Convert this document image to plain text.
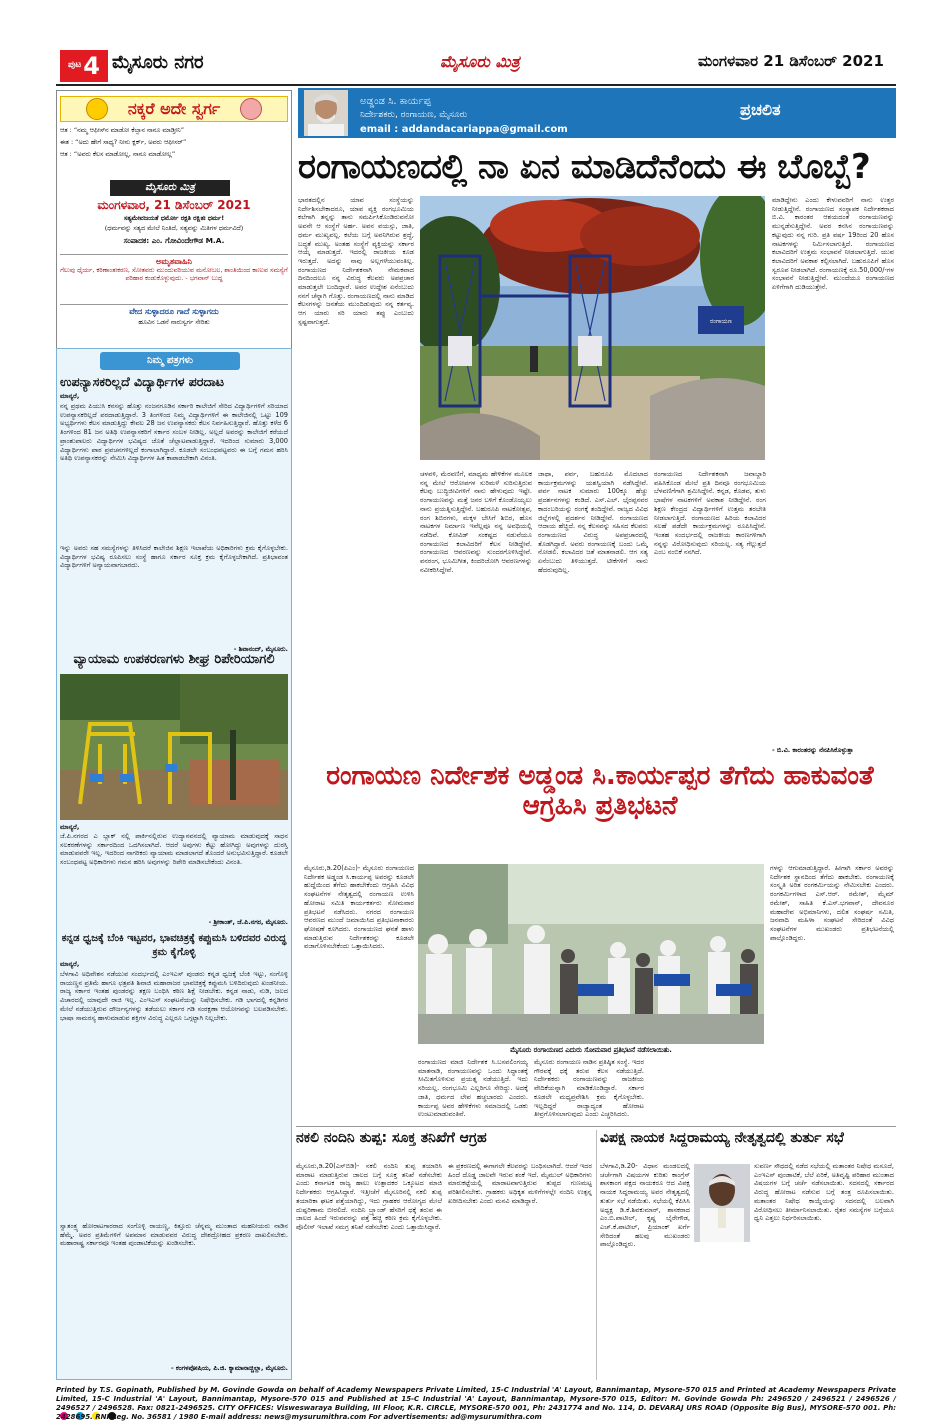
ಪುಟ 4 ಮೈಸೂರು ನಗರ	ಮೈಸೂರು ಮಿತ್ರ	ಮಂಗಳವಾರ 21 ಡಿಸೆಂಬರ್ 2021
ನಕ್ಕರೆ ಅದೇ ಸ್ವರ್ಗ
ಆತ : “ನಮ್ಮ ಆಫೀಸ್‍ನ ಮಾಡೋ ಕೆಲ್ಸಾನ ನಾನೂ ಮಾಡ್ತೀನಿ”
ಈತ : “ಅದು ಹೇಗೆ ಸಾಧ್ಯ? ನೀನು ಕ್ಲರ್ಕ್, ಅವರು ಆಫೀಸರ್”
ಆತ : “ಅವರು ಕೆಲಸ ಮಾಡೋಲ್ಲ, ನಾನೂ ಮಾಡೋಲ್ಲ”
ಮೈಸೂರು ಮಿತ್ರ
ಮಂಗಳವಾರ, 21 ಡಿಸೆಂಬರ್ 2021
ಸತ್ಯಮೇವಜಯತೆ ಧರ್ಮೋ ರಕ್ಷತಿ ರಕ್ಷಿತಃ ಧರ್ಮ!
(ಧರ್ಮವನ್ನು ಸತ್ಯದ ಮೇಲೆ ನಿಂತಿದೆ, ಸತ್ಯವನ್ನು ಮಿತಿಗಳ ಧರ್ಮವಿದೆ)
ಸಂಪಾದಕ: ಎಂ. ಗೋವಿಂದೇಗೌಡ M.A.
ಅಮೃತವಾಹಿನಿ
ಗೆಲುವು ಧೈರ್ಯ, ಕಠಿಣಾಂತಃಕರಣ, ಸೋತವರು ಮುಂದುವರಿಯುವ ಮನೋಬಲ, ಶಾಂತಿಯಿಂದ ಕಾಣುವ ಸಮಸ್ಯೆಗೆ ಪರಿಹಾರ ಕಂಡುಕೊಳ್ಳುವುದು. - ಭಗವಾನ್ ಬುದ್ಧ
ವೇದ ಸುಳ್ಳಾದರೂ ಗಾದೆ ಸುಳ್ಳಾಗದು
ಹೂವಿನ ಒಡನೆ ನಾರುಸ್ವರ್ಗ ಸೇರಿತು
ನಿಮ್ಮ ಪತ್ರಗಳು
ಉಪನ್ಯಾಸಕರಿಲ್ಲದೆ ವಿದ್ಯಾರ್ಥಿಗಳ ಪರದಾಟ
ಮಾನ್ಯರೆ,
ನನ್ನ ಪ್ರಥಮ ಪಿಯುಸಿ ಕನಸನ್ನು ಹೊತ್ತು ನಂಜನಗೂಡಿನ ಸರ್ಕಾರಿ ಕಾಲೇಜಿಗೆ ಸೇರಿದ ವಿದ್ಯಾರ್ಥಿಗಳಿಗೆ ಸರಿಯಾದ ಉಪನ್ಯಾಸಕರಿಲ್ಲದೆ ಪರದಾಡುತ್ತಿದ್ದಾರೆ. 3 ತಿಂಗಳಿಂದ ನಿಮ್ಮ ವಿದ್ಯಾರ್ಥಿಗಳಿಗೆ ಈ ಕಾಲೇಜಿನಲ್ಲಿ ಒಟ್ಟು 109 ಅಭ್ಯರ್ಥಿಗಳು ಕೆಲಸ ಮಾಡುತ್ತಿದ್ದು ಕೇವಲ 28 ಜನ ಉಪನ್ಯಾಸಕರು ಕೆಲಸ ನಿರ್ವಹಿಸುತ್ತಿದ್ದಾರೆ. ಹೊತ್ತು ಕಳೆದ 6 ತಿಂಗಳಿಂದ 81 ಜನ ಅತಿಥಿ ಉಪನ್ಯಾಸಕರಿಗೆ ಸರ್ಕಾರ ಸಂಬಳ ನೀಡಿಲ್ಲ. ಅಲ್ಲದೆ ಅವರನ್ನು ಕಾಲೇಜಿಗೆ ಕರೆಯದೆ ಪ್ರಾಂಶುಪಾಲರು ವಿದ್ಯಾರ್ಥಿಗಳ ಭವಿಷ್ಯದ ಜೊತೆ ಚೆಲ್ಲಾಟವಾಡುತ್ತಿದ್ದಾರೆ. ಇದರಿಂದ ಸುಮಾರು 3,000 ವಿದ್ಯಾರ್ಥಿಗಳು ಪಾಠ ಪ್ರವಚನಗಳಿಲ್ಲದೆ ಕಂಗಾಲಾಗಿದ್ದಾರೆ. ಕೂಡಲೇ ಸಂಬಂಧಪಟ್ಟವರು ಈ ಬಗ್ಗೆ ಗಮನ ಹರಿಸಿ ಅತಿಥಿ ಉಪನ್ಯಾಸಕರನ್ನು ನೇಮಿಸಿ ವಿದ್ಯಾರ್ಥಿಗಳ ಹಿತ ಕಾಪಾಡಬೇಕಾಗಿ ವಿನಂತಿ.
ಇನ್ನು ಅವರು ಸಹ ಸಮಸ್ಯೆಗಳನ್ನು ತಿಳಿಸಿದರೆ ಕಾಲೇಜಿನ ಶಿಕ್ಷಣ ಇಲಾಖೆಯ ಅಧಿಕಾರಿಗಳು ಕ್ರಮ ಕೈಗೊಳ್ಳಬೇಕು. ವಿದ್ಯಾರ್ಥಿಗಳ ಭವಿಷ್ಯ ರೂಪಿಸಲು ಸಂಸ್ಥೆ ಹಾಗೂ ಸರ್ಕಾರ ಸೂಕ್ತ ಕ್ರಮ ಕೈಗೊಳ್ಳಬೇಕಾಗಿದೆ. ಪ್ರತಿಭಾವಂತ ವಿದ್ಯಾರ್ಥಿಗಳಿಗೆ ಅನ್ಯಾಯವಾಗಬಾರದು.
- ಶಿವಾನಂದ್, ಮೈಸೂರು.
ವ್ಯಾಯಾಮ ಉಪಕರಣಗಳು ಶೀಘ್ರ ರಿಪೇರಿಯಾಗಲಿ
ಮಾನ್ಯರೆ,
ಜೆ.ಪಿ.ನಗರದ ಎ ಬ್ಲಾಕ್ ನಲ್ಲಿ ಪಾರ್ಕಿನಲ್ಲಿರುವ ಉದ್ಯಾನವನದಲ್ಲಿ ವ್ಯಾಯಾಮ ಮಾಡುವುದಕ್ಕೆ ಸಾಧನ ಸಲಕರಣೆಗಳನ್ನು ಸರ್ಕಾರದಿಂದ ಒದಗಿಸಲಾಗಿದೆ. ಆದರೆ ಅವುಗಳು ಕೆಟ್ಟು ಹೋಗಿದ್ದು ಅವುಗಳನ್ನು ದುರಸ್ತಿ ಮಾಡುವವರೇ ಇಲ್ಲ. ಇದರಿಂದ ನಾಗರಿಕರು ವ್ಯಾಯಾಮ ಮಾಡಲಾಗದೆ ತೊಂದರೆ ಅನುಭವಿಸುತ್ತಿದ್ದಾರೆ. ಕೂಡಲೇ ಸಂಬಂಧಪಟ್ಟ ಅಧಿಕಾರಿಗಳು ಗಮನ ಹರಿಸಿ ಅವುಗಳನ್ನು ರಿಪೇರಿ ಮಾಡಿಸಬೇಕೆಂದು ವಿನಂತಿ.
- ಶ್ರೀಕಾಂತ್, ಜೆ.ಪಿ.ನಗರ, ಮೈಸೂರು.
ಕನ್ನಡ ಧ್ವಜಕ್ಕೆ ಬೆಂಕಿ ಇಟ್ಟವರ, ಭಾವಚಿತ್ರಕ್ಕೆ ಕಪ್ಪುಮಸಿ ಬಳಿದವರ ವಿರುದ್ಧ ಕ್ರಮ ಕೈಗೊಳ್ಳಿ
ಮಾನ್ಯರೆ,
ಬೆಳಗಾವಿ ಅಧಿವೇಶನ ನಡೆಯುವ ಸಂದರ್ಭದಲ್ಲಿ ಎಂಇಎಸ್ ಪುಂಡರು ಕನ್ನಡ ಧ್ವಜಕ್ಕೆ ಬೆಂಕಿ ಇಟ್ಟು, ಸಂಗೊಳ್ಳಿ ರಾಯಣ್ಣನ ಪ್ರತಿಮೆ ಹಾಗೂ ಛತ್ರಪತಿ ಶಿವಾಜಿ ಮಹಾರಾಜರ ಭಾವಚಿತ್ರಕ್ಕೆ ಕಪ್ಪುಮಸಿ ಬಳಿದಿರುವುದು ಖಂಡನೀಯ. ರಾಜ್ಯ ಸರ್ಕಾರ ಇಂತಹ ಪುಂಡರನ್ನು ತಕ್ಷಣ ಬಂಧಿಸಿ ಕಠಿಣ ಶಿಕ್ಷೆ ನೀಡಬೇಕು. ಕನ್ನಡ ನಾಡು, ನುಡಿ, ಜಲದ ವಿಚಾರದಲ್ಲಿ ಯಾವುದೇ ರಾಜಿ ಇಲ್ಲ. ಎಂಇಎಸ್ ಸಂಘಟನೆಯನ್ನು ನಿಷೇಧಿಸಬೇಕು. ಗಡಿ ಭಾಗದಲ್ಲಿ ಕನ್ನಡಿಗರ ಮೇಲೆ ನಡೆಯುತ್ತಿರುವ ದೌರ್ಜನ್ಯಗಳನ್ನು ತಡೆಯಲು ಸರ್ಕಾರ ಗಡಿ ಸಂರಕ್ಷಣಾ ಆಯೋಗವನ್ನು ಬಲಪಡಿಸಬೇಕು. ಭಾಷಾ ಸಾಮರಸ್ಯ ಹಾಳುಮಾಡುವ ಶಕ್ತಿಗಳ ವಿರುದ್ಧ ಎಲ್ಲರೂ ಒಗ್ಗಟ್ಟಾಗಿ ನಿಲ್ಲಬೇಕು.
ಸ್ವಾತಂತ್ರ್ಯ ಹೋರಾಟಗಾರರಾದ ಸಂಗೊಳ್ಳಿ ರಾಯಣ್ಣ, ಕಿತ್ತೂರು ಚೆನ್ನಮ್ಮ ಮುಂತಾದ ಮಹನೀಯರು ನಾಡಿನ ಹೆಮ್ಮೆ. ಅವರ ಪ್ರತಿಮೆಗಳಿಗೆ ಅಪಮಾನ ಮಾಡುವವರ ವಿರುದ್ಧ ದೇಶದ್ರೋಹದ ಪ್ರಕರಣ ದಾಖಲಿಸಬೇಕು. ಮಹಾರಾಷ್ಟ್ರ ಸರ್ಕಾರವೂ ಇಂತಹ ಪುಂಡಾಟಿಕೆಯನ್ನು ಖಂಡಿಸಬೇಕು.
- ಕಂಗಳಪೋಷಿಯ, ಪಿ.ಜಿ. ಕ್ಯಾಮಾನಾಚ್ಚಿಲ್ಲಾ, ಮೈಸೂರು.
ಅಡ್ಡಂಡ ಸಿ. ಕಾರ್ಯಪ್ಪ
ನಿರ್ದೇಶಕರು, ರಂಗಾಯಣ, ಮೈಸೂರು
email : addandacariappa@gmail.com
ಪ್ರಚಲಿತ
ರಂಗಾಯಣದಲ್ಲಿ ನಾ ಏನ ಮಾಡಿದೆನೆಂದು ಈ ಬೊಬ್ಬೆ?
ಭಾರತದಲ್ಲಿನ ಯಾವ ಸಂಸ್ಥೆಯನ್ನು ನಿರ್ದೇಶಿಸಬೇಕಾದರೂ, ಯಾವ ವ್ಯಕ್ತಿ ರಂಗಭೂಮಿಯ ಕಲೆಗಾಗಿ ತನ್ನನ್ನು ತಾನು ಸಮರ್ಪಿಸಿಕೊಂಡಿರುವನೋ ಅವನೇ ಆ ಸಂಸ್ಥೆಗೆ ಅರ್ಹ. ಅವನ ವಯಸ್ಸು, ಜಾತಿ, ಧರ್ಮ ಮುಖ್ಯವಲ್ಲ. ಕಲೆಯ ಬಗ್ಗೆ ಅವನಿಗಿರುವ ಶ್ರದ್ಧೆ, ಬದ್ಧತೆ ಮುಖ್ಯ. ಅಂತಹ ಸಂಸ್ಥೆಗೆ ವ್ಯಕ್ತಿಯನ್ನು ಸರ್ಕಾರ ಆಯ್ಕೆ ಮಾಡುತ್ತದೆ. ಇದರಲ್ಲಿ ರಾಜಕೀಯ ಕೂಡ ಇರುತ್ತದೆ. ಅದನ್ನು ನಾವು ಅಲ್ಲಗಳೆಯುವಂತಿಲ್ಲ. ರಂಗಾಯಣದ ನಿರ್ದೇಶಕನಾಗಿ ನೇಮಕವಾದ ದಿನದಿಂದಲೂ ನನ್ನ ವಿರುದ್ಧ ಕೆಲವರು ಅಪಪ್ರಚಾರ ಮಾಡುತ್ತಲೇ ಬಂದಿದ್ದಾರೆ. ಅವರ ಉದ್ದೇಶ ಏನೆಂಬುದು ನನಗೆ ಚೆನ್ನಾಗಿ ಗೊತ್ತು. ರಂಗಾಯಣದಲ್ಲಿ ನಾನು ಮಾಡಿದ ಕೆಲಸಗಳನ್ನು ಜನತೆಯ ಮುಂದಿಡುವುದು ನನ್ನ ಕರ್ತವ್ಯ. ಆಗ ಯಾರು ಸರಿ ಯಾರು ತಪ್ಪು ಎಂಬುದು ಸ್ಪಷ್ಟವಾಗುತ್ತದೆ.
ಚಳವಳಿ, ಮೆರವಣಿಗೆ, ಮಾಧ್ಯಮ ಹೇಳಿಕೆಗಳ ಮೂಲಕ ನನ್ನ ಮೇಲೆ ಆರೋಪಗಳ ಸುರಿಮಳೆ ಸುರಿಸುತ್ತಿರುವ ಕೆಲವು ಬುದ್ಧಿಜೀವಿಗಳಿಗೆ ನಾನು ಹೇಳುವುದು ಇಷ್ಟೇ. ರಂಗಾಯಣವನ್ನು ಮತ್ತೆ ಜನರ ಬಳಿಗೆ ಕೊಂಡೊಯ್ಯಲು ನಾನು ಪ್ರಯತ್ನಿಸುತ್ತಿದ್ದೇನೆ. ಬಹುರೂಪಿ ನಾಟಕೋತ್ಸವ, ರಂಗ ಶಿಬಿರಗಳು, ಮಕ್ಕಳ ಬೇಸಿಗೆ ಶಿಬಿರ, ಹೊಸ ನಾಟಕಗಳ ನಿರ್ಮಾಣ ಇವೆಲ್ಲವೂ ನನ್ನ ಅವಧಿಯಲ್ಲಿ ನಡೆದಿವೆ. ಕೋವಿಡ್ ಸಂಕಷ್ಟದ ನಡುವೆಯೂ ರಂಗಾಯಣದ ಕಲಾವಿದರಿಗೆ ಕೆಲಸ ನೀಡಿದ್ದೇವೆ. ರಂಗಾಯಣದ ಆವರಣವನ್ನು ಸುಂದರಗೊಳಿಸಿದ್ದೇವೆ. ವನರಂಗ, ಭೂಮಿಗೀತ, ಕಿಂದರಿಜೋಗಿ ಆವರಣಗಳನ್ನು ನವೀಕರಿಸಿದ್ದೇವೆ.
ಜಾಥಾ, ಪರ್ವ, ಬಹುರೂಪಿ ಮೊದಲಾದ ಕಾರ್ಯಕ್ರಮಗಳನ್ನು ಯಶಸ್ವಿಯಾಗಿ ನಡೆಸಿದ್ದೇವೆ. ಪರ್ವ ನಾಟಕ ಸುಮಾರು 100ಕ್ಕೂ ಹೆಚ್ಚು ಪ್ರದರ್ಶನಗಳನ್ನು ಕಂಡಿದೆ. ಎಸ್.ಎಲ್. ಭೈರಪ್ಪನವರ ಕಾದಂಬರಿಯನ್ನು ರಂಗಕ್ಕೆ ತಂದಿದ್ದೇವೆ. ರಾಜ್ಯದ ವಿವಿಧ ಜಿಲ್ಲೆಗಳಲ್ಲಿ ಪ್ರದರ್ಶನ ನೀಡಿದ್ದೇವೆ. ರಂಗಾಯಣದ ಆದಾಯ ಹೆಚ್ಚಿದೆ. ನನ್ನ ಕೆಲಸವನ್ನು ಸಹಿಸದ ಕೆಲವರು ರಂಗಾಯಣದ ವಿರುದ್ಧ ಅಪಪ್ರಚಾರದಲ್ಲಿ ತೊಡಗಿದ್ದಾರೆ. ಅವರು ರಂಗಾಯಣಕ್ಕೆ ಬಂದು ಒಮ್ಮೆ ನೋಡಲಿ. ಕಲಾವಿದರ ಜತೆ ಮಾತನಾಡಲಿ. ಆಗ ಸತ್ಯ ಏನೆಂಬುದು ತಿಳಿಯುತ್ತದೆ. ಟೀಕೆಗಳಿಗೆ ನಾನು ಹೆದರುವುದಿಲ್ಲ.
ರಂಗಾಯಣದ ನಿರ್ದೇಶಕನಾಗಿ ಜವಾಬ್ದಾರಿ ವಹಿಸಿಕೊಂಡ ಮೇಲೆ ಪ್ರತಿ ದಿನವೂ ರಂಗಭೂಮಿಯ ಬೆಳವಣಿಗೆಗಾಗಿ ಶ್ರಮಿಸಿದ್ದೇನೆ. ಕನ್ನಡ, ಕೊಡವ, ತುಳು ಭಾಷೆಗಳ ನಾಟಕಗಳಿಗೆ ಅವಕಾಶ ನೀಡಿದ್ದೇನೆ. ರಂಗ ಶಿಕ್ಷಣ ಕೇಂದ್ರದ ವಿದ್ಯಾರ್ಥಿಗಳಿಗೆ ಉತ್ತಮ ತರಬೇತಿ ನೀಡಲಾಗುತ್ತಿದೆ. ರಂಗಾಯಣದ ಹಿರಿಯ ಕಲಾವಿದರ ಸಲಹೆ ಪಡೆದೇ ಕಾರ್ಯಕ್ರಮಗಳನ್ನು ರೂಪಿಸಿದ್ದೇನೆ. ಇಂತಹ ಸಂದರ್ಭದಲ್ಲಿ ರಾಜಕೀಯ ಕಾರಣಗಳಿಗಾಗಿ ನನ್ನನ್ನು ವಿರೋಧಿಸುವುದು ಸರಿಯಲ್ಲ. ಸತ್ಯ ಗೆಲ್ಲುತ್ತದೆ ಎಂಬ ನಂಬಿಕೆ ನನಗಿದೆ.
ಮಾಡಿದ್ದೇನು ಎಂದು ಕೇಳುವವರಿಗೆ ನಾನು ಉತ್ತರ ನೀಡುತ್ತಿದ್ದೇನೆ. ರಂಗಾಯಣದ ಸಂಸ್ಥಾಪಕ ನಿರ್ದೇಶಕರಾದ ಬಿ.ವಿ. ಕಾರಂತರ ಆಶಯದಂತೆ ರಂಗಾಯಣವನ್ನು ಮುನ್ನಡೆಸುತ್ತಿದ್ದೇನೆ. ಅವರ ಕನಸಿನ ರಂಗಾಯಣವನ್ನು ಕಟ್ಟುವುದು ನನ್ನ ಗುರಿ. ಪ್ರತಿ ವರ್ಷ 19ರಿಂದ 20 ಹೊಸ ನಾಟಕಗಳನ್ನು ನಿರ್ಮಿಸಲಾಗುತ್ತಿದೆ. ರಂಗಾಯಣದ ಕಲಾವಿದರಿಗೆ ಉತ್ತಮ ಸಂಭಾವನೆ ನೀಡಲಾಗುತ್ತಿದೆ. ಯುವ ಕಲಾವಿದರಿಗೆ ಅವಕಾಶ ಕಲ್ಪಿಸಲಾಗಿದೆ. ಬಹುರೂಪಿಗೆ ಹೊಸ ಸ್ವರೂಪ ನೀಡಲಾಗಿದೆ. ರಂಗಾಯಣಕ್ಕೆ ರೂ.50,000/-ಗಳ ಸಂಭಾವನೆ ನೀಡುತ್ತಿದ್ದೇವೆ. ಮುಂದೆಯೂ ರಂಗಾಯಣದ ಏಳಿಗೆಗಾಗಿ ದುಡಿಯುತ್ತೇನೆ.
- ಬಿ.ವಿ. ಕಾರಂತರನ್ನು ನೆನಪಿಸಿಕೊಳ್ಳುತ್ತಾ
ರಂಗಾಯಣ
ರಂಗಾಯಣ ನಿರ್ದೇಶಕ ಅಡ್ಡಂಡ ಸಿ.ಕಾರ್ಯಪ್ಪರ ತೆಗೆದು ಹಾಕುವಂತೆ ಆಗ್ರಹಿಸಿ ಪ್ರತಿಭಟನೆ
ಮೈಸೂರು,ಡಿ.20(ಪಿಎಂ)- ಮೈಸೂರು ರಂಗಾಯಣದ ನಿರ್ದೇಶಕ ಅಡ್ಡಂಡ ಸಿ.ಕಾರ್ಯಪ್ಪ ಅವರನ್ನು ಕೂಡಲೇ ಹುದ್ದೆಯಿಂದ ತೆಗೆದು ಹಾಕಬೇಕೆಂದು ಆಗ್ರಹಿಸಿ ವಿವಿಧ ಸಂಘಟನೆಗಳ ನೇತೃತ್ವದಲ್ಲಿ ರಂಗಾಯಣ ಉಳಿಸಿ ಹೋರಾಟ ಸಮಿತಿ ಕಾರ್ಯಕರ್ತರು ಸೋಮವಾರ ಪ್ರತಿಭಟನೆ ನಡೆಸಿದರು. ನಗರದ ರಂಗಾಯಣ ಆವರಣದ ಮುಂದೆ ಜಮಾಯಿಸಿದ ಪ್ರತಿಭಟನಾಕಾರರು ಘೋಷಣೆ ಕೂಗಿದರು. ರಂಗಾಯಣದ ಘನತೆ ಹಾಳು ಮಾಡುತ್ತಿರುವ ನಿರ್ದೇಶಕರನ್ನು ಕೂಡಲೇ ವಜಾಗೊಳಿಸಬೇಕೆಂದು ಒತ್ತಾಯಿಸಿದರು.
ಮೈಸೂರು ರಂಗಾಯಣದ ಎದುರು ಸೋಮವಾರ ಪ್ರತಿಭಟನೆ ನಡೆಸಲಾಯಿತು.
ರಂಗಾಯಣದ ಮಾಜಿ ನಿರ್ದೇಶಕ ಸಿ.ಬಸವಲಿಂಗಯ್ಯ ಮಾತನಾಡಿ, ರಂಗಾಯಣವನ್ನು ಒಂದು ಸಿದ್ಧಾಂತಕ್ಕೆ ಸೀಮಿತಗೊಳಿಸುವ ಪ್ರಯತ್ನ ನಡೆಯುತ್ತಿದೆ. ಇದು ಸರಿಯಲ್ಲ. ರಂಗಭೂಮಿ ಎಲ್ಲರಿಗೂ ಸೇರಿದ್ದು. ಅದಕ್ಕೆ ಜಾತಿ, ಧರ್ಮದ ಲೇಪ ಹಚ್ಚಬಾರದು ಎಂದರು. ಕಾರ್ಯಪ್ಪ ಅವರ ಹೇಳಿಕೆಗಳು ಸಮಾಜದಲ್ಲಿ ಒಡಕು ಉಂಟುಮಾಡುವಂತಿವೆ.
ಮೈಸೂರು ರಂಗಾಯಣ ನಾಡಿನ ಪ್ರತಿಷ್ಠಿತ ಸಂಸ್ಥೆ. ಇದರ ಗೌರವಕ್ಕೆ ಧಕ್ಕೆ ತರುವ ಕೆಲಸ ನಡೆಯುತ್ತಿದೆ. ನಿರ್ದೇಶಕರು ರಂಗಾಯಣವನ್ನು ರಾಜಕೀಯ ವೇದಿಕೆಯನ್ನಾಗಿ ಮಾಡಿಕೊಂಡಿದ್ದಾರೆ. ಸರ್ಕಾರ ಕೂಡಲೇ ಮಧ್ಯಪ್ರವೇಶಿಸಿ ಕ್ರಮ ಕೈಗೊಳ್ಳಬೇಕು. ಇಲ್ಲದಿದ್ದರೆ ರಾಜ್ಯಾದ್ಯಂತ ಹೋರಾಟ ತೀವ್ರಗೊಳಿಸಲಾಗುವುದು ಎಂದು ಎಚ್ಚರಿಸಿದರು.
ಗಳನ್ನು ಆಗುಮಾಡುತ್ತಿದ್ದಾರೆ. ಹೀಗಾಗಿ ಸರ್ಕಾರ ಅವರನ್ನು ನಿರ್ದೇಶಕ ಸ್ಥಾನದಿಂದ ತೆಗೆದು ಹಾಕಬೇಕು. ರಂಗಾಯಣಕ್ಕೆ ಸಂಸ್ಕೃತಿ ಅರಿತ ರಂಗಕರ್ಮಿಯನ್ನು ನೇಮಿಸಬೇಕು ಎಂದರು. ರಂಗಕರ್ಮಿಗಳಾದ ಎಸ್.ಆರ್. ರಮೇಶ್, ಮೈಮ್ ರಮೇಶ್, ಸಾಹಿತಿ ಕೆ.ಎಸ್.ಭಗವಾನ್, ದೇವನೂರ ಮಹಾದೇವ ಅಭಿಮಾನಿಗಳು, ದಲಿತ ಸಂಘರ್ಷ ಸಮಿತಿ, ಜನವಾದಿ ಮಹಿಳಾ ಸಂಘಟನೆ ಸೇರಿದಂತೆ ವಿವಿಧ ಸಂಘಟನೆಗಳ ಮುಖಂಡರು ಪ್ರತಿಭಟನೆಯಲ್ಲಿ ಪಾಲ್ಗೊಂಡಿದ್ದರು.
ನಕಲಿ ನಂದಿನಿ ತುಪ್ಪ: ಸೂಕ್ತ ತನಿಖೆಗೆ ಆಗ್ರಹ
ಮೈಸೂರು,ಡಿ.20(ಎಸ್‌ಬಿಡಿ)- ನಕಲಿ ನಂದಿನಿ ತುಪ್ಪ ತಯಾರಿಸಿ ಮಾರಾಟ ಮಾಡುತ್ತಿರುವ ಜಾಲದ ಬಗ್ಗೆ ಸೂಕ್ತ ತನಿಖೆ ನಡೆಸಬೇಕು ಎಂದು ಕರ್ನಾಟಕ ರಾಜ್ಯ ಹಾಲು ಉತ್ಪಾದಕರ ಒಕ್ಕೂಟದ ಮಾಜಿ ನಿರ್ದೇಶಕರು ಆಗ್ರಹಿಸಿದ್ದಾರೆ. ಇತ್ತೀಚೆಗೆ ಮೈಸೂರಿನಲ್ಲಿ ನಕಲಿ ತುಪ್ಪ ತಯಾರಿಕಾ ಘಟಕ ಪತ್ತೆಯಾಗಿದ್ದು, ಇದು ಗ್ರಾಹಕರ ಆರೋಗ್ಯದ ಮೇಲೆ ದುಷ್ಪರಿಣಾಮ ಬೀರಲಿದೆ. ನಂದಿನಿ ಬ್ರ್ಯಾಂಡ್ ಹೆಸರಿಗೆ ಧಕ್ಕೆ ತರುವ ಈ ಜಾಲದ ಹಿಂದೆ ಇರುವವರನ್ನು ಪತ್ತೆ ಹಚ್ಚಿ ಕಠಿಣ ಕ್ರಮ ಕೈಗೊಳ್ಳಬೇಕು. ಪೊಲೀಸ್ ಇಲಾಖೆ ಸಮಗ್ರ ತನಿಖೆ ನಡೆಸಬೇಕು ಎಂದು ಒತ್ತಾಯಿಸಿದ್ದಾರೆ.
ಈ ಪ್ರಕರಣದಲ್ಲಿ ಈಗಾಗಲೇ ಕೆಲವರನ್ನು ಬಂಧಿಸಲಾಗಿದೆ. ಆದರೆ ಇದರ ಹಿಂದೆ ದೊಡ್ಡ ಜಾಲವೇ ಇರುವ ಶಂಕೆ ಇದೆ. ಮೈಮುಲ್ ಅಧಿಕಾರಿಗಳು ಮಾರುಕಟ್ಟೆಯಲ್ಲಿ ಮಾರಾಟವಾಗುತ್ತಿರುವ ತುಪ್ಪದ ಗುಣಮಟ್ಟ ಪರಿಶೀಲಿಸಬೇಕು. ಗ್ರಾಹಕರು ಅಧಿಕೃತ ಮಳಿಗೆಗಳಲ್ಲೇ ನಂದಿನಿ ಉತ್ಪನ್ನ ಖರೀದಿಸಬೇಕು ಎಂದು ಮನವಿ ಮಾಡಿದ್ದಾರೆ.
ವಿಪಕ್ಷ ನಾಯಕ ಸಿದ್ದರಾಮಯ್ಯ ನೇತೃತ್ವದಲ್ಲಿ ತುರ್ತು ಸಭೆ
ಬೆಳಗಾವಿ,ಡಿ.20- ವಿಧಾನ ಮಂಡಲದಲ್ಲಿ ಚರ್ಚೆಗಾಗಿ ವಿಷಯಗಳ ಕುರಿತು ಕಾಂಗ್ರೆಸ್ ಶಾಸಕಾಂಗ ಪಕ್ಷದ ನಾಯಕರೂ ಆದ ವಿಪಕ್ಷ ನಾಯಕ ಸಿದ್ದರಾಮಯ್ಯ ಅವರ ನೇತೃತ್ವದಲ್ಲಿ ತುರ್ತು ಸಭೆ ನಡೆಯಿತು. ಸಭೆಯಲ್ಲಿ ಕೆಪಿಸಿಸಿ ಅಧ್ಯಕ್ಷ ಡಿ.ಕೆ.ಶಿವಕುಮಾರ್, ಶಾಸಕರಾದ ಎಂ.ಬಿ.ಪಾಟೀಲ್, ಕೃಷ್ಣ ಬೈರೇಗೌಡ, ಎಚ್.ಕೆ.ಪಾಟೀಲ್, ಪ್ರಿಯಾಂಕ್ ಖರ್ಗೆ ಸೇರಿದಂತೆ ಹಲವು ಮುಖಂಡರು ಪಾಲ್ಗೊಂಡಿದ್ದರು.
ಸುವರ್ಣ ಸೌಧದಲ್ಲಿ ನಡೆದ ಸಭೆಯಲ್ಲಿ ಮತಾಂತರ ನಿಷೇಧ ಮಸೂದೆ, ಎಂಇಎಸ್ ಪುಂಡಾಟಿಕೆ, ಬೆಲೆ ಏರಿಕೆ, ಅತಿವೃಷ್ಟಿ ಪರಿಹಾರ ಮುಂತಾದ ವಿಷಯಗಳ ಬಗ್ಗೆ ಚರ್ಚೆ ನಡೆಸಲಾಯಿತು. ಸದನದಲ್ಲಿ ಸರ್ಕಾರದ ವಿರುದ್ಧ ಹೋರಾಟ ನಡೆಸುವ ಬಗ್ಗೆ ತಂತ್ರ ರೂಪಿಸಲಾಯಿತು. ಮತಾಂತರ ನಿಷೇಧ ಕಾಯ್ದೆಯನ್ನು ಸದನದಲ್ಲಿ ಬಲವಾಗಿ ವಿರೋಧಿಸಲು ತೀರ್ಮಾನಿಸಲಾಯಿತು. ರೈತರ ಸಮಸ್ಯೆಗಳ ಬಗ್ಗೆಯೂ ಧ್ವನಿ ಎತ್ತಲು ನಿರ್ಧರಿಸಲಾಯಿತು.
Printed by T.S. Gopinath, Published by M. Govinde Gowda on behalf of Academy Newspapers Private Limited, 15-C Industrial 'A' Layout, Bannimantap, Mysore-570 015 and Printed at Academy Newspapers Private Limited, 15-C Industrial 'A' Layout, Bannimantap, Mysore-570 015 and Published at 15-C Industrial 'A' Layout, Bannimantap, Mysore-570 015, Editor: M. Govinde Gowda Ph: 2496520 / 2496521 / 2496526 / 2496527 / 2496528. Fax: 0821-2496525. CITY OFFICES: Visweswaraya Building, III Floor, K.R. CIRCLE, MYSORE-570 001, Ph: 2431774 and No. 114, D. DEVARAJ URS ROAD (Opposite Big Bus), MYSORE-570 001. Ph: 2428695. RNI Reg. No. 36581 / 1980 E-mail address: news@mysurumithra.com For advertisements: ad@mysurumithra.com
